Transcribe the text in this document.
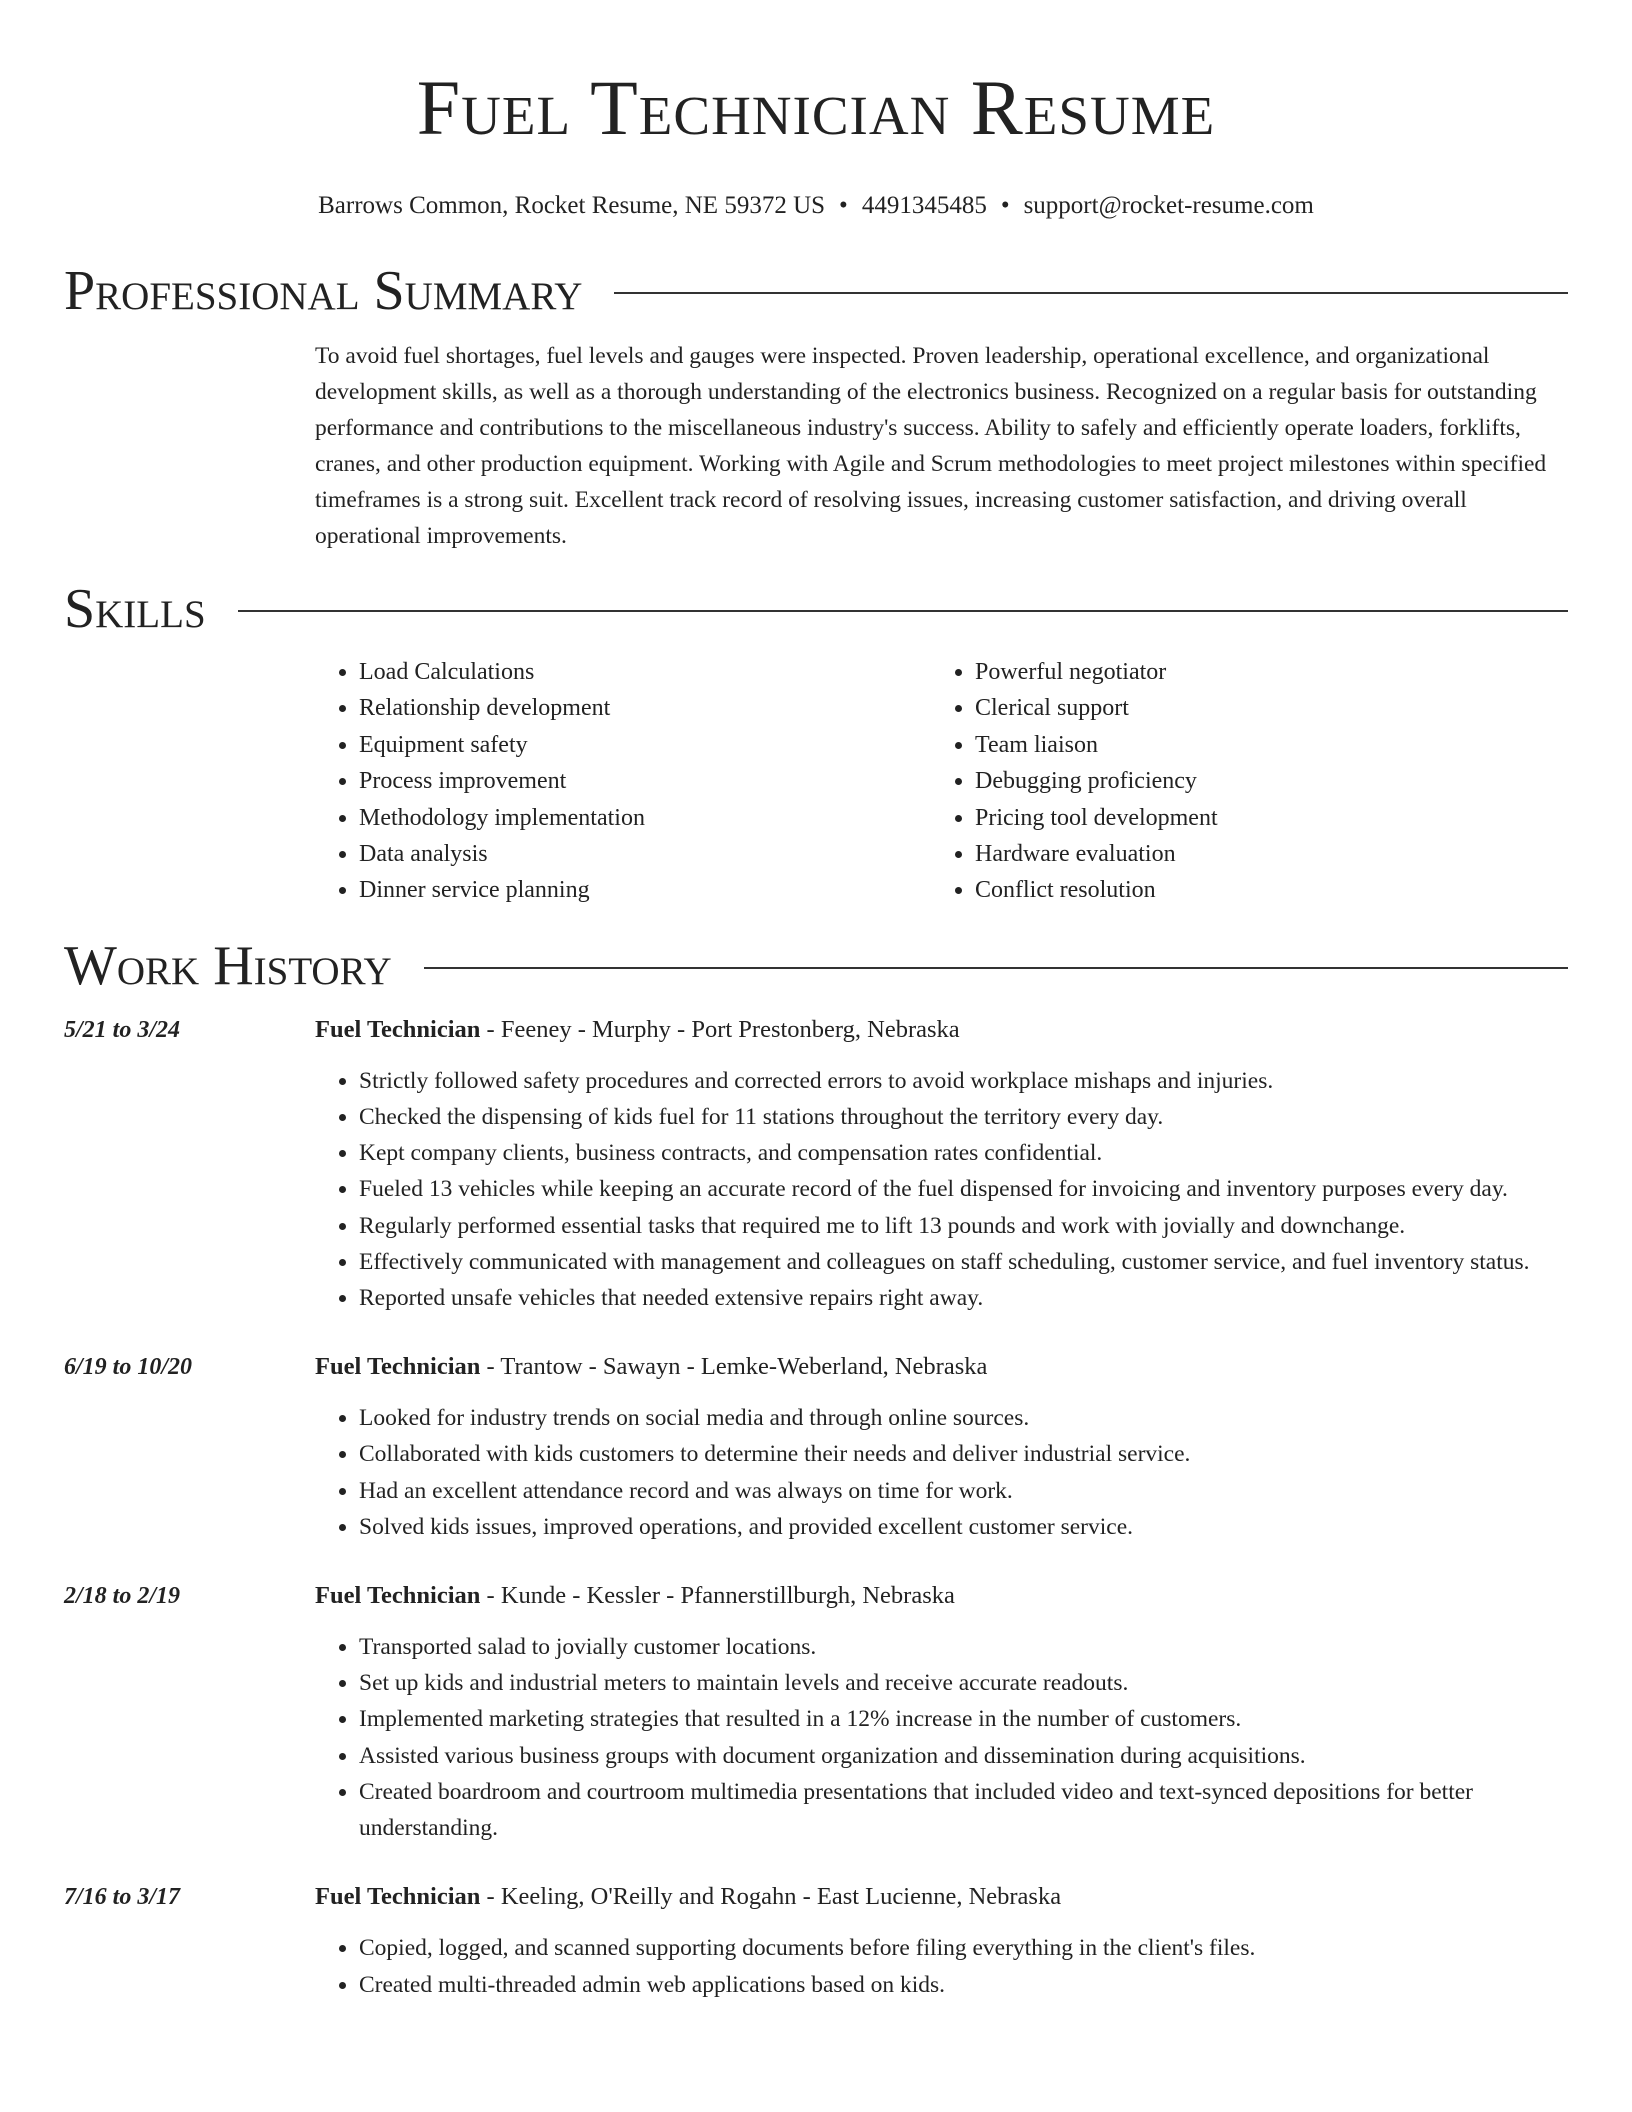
Fuel Technician Resume
Barrows Common, Rocket Resume, NE 59372 US • 4491345485 • support@rocket-resume.com
Professional Summary
To avoid fuel shortages, fuel levels and gauges were inspected. Proven leadership, operational excellence, and organizational development skills, as well as a thorough understanding of the electronics business. Recognized on a regular basis for outstanding performance and contributions to the miscellaneous industry's success. Ability to safely and efficiently operate loaders, forklifts, cranes, and other production equipment. Working with Agile and Scrum methodologies to meet project milestones within specified timeframes is a strong suit. Excellent track record of resolving issues, increasing customer satisfaction, and driving overall operational improvements.
Skills
• Load Calculations
• Relationship development
• Equipment safety
• Process improvement
• Methodology implementation
• Data analysis
• Dinner service planning
• Powerful negotiator
• Clerical support
• Team liaison
• Debugging proficiency
• Pricing tool development
• Hardware evaluation
• Conflict resolution
Work History
5/21 to 3/24	Fuel Technician - Feeney - Murphy - Port Prestonberg, Nebraska
• Strictly followed safety procedures and corrected errors to avoid workplace mishaps and injuries.
• Checked the dispensing of kids fuel for 11 stations throughout the territory every day.
• Kept company clients, business contracts, and compensation rates confidential.
• Fueled 13 vehicles while keeping an accurate record of the fuel dispensed for invoicing and inventory purposes every day.
• Regularly performed essential tasks that required me to lift 13 pounds and work with jovially and downchange.
• Effectively communicated with management and colleagues on staff scheduling, customer service, and fuel inventory status.
• Reported unsafe vehicles that needed extensive repairs right away.
6/19 to 10/20	Fuel Technician - Trantow - Sawayn - Lemke-Weberland, Nebraska
• Looked for industry trends on social media and through online sources.
• Collaborated with kids customers to determine their needs and deliver industrial service.
• Had an excellent attendance record and was always on time for work.
• Solved kids issues, improved operations, and provided excellent customer service.
2/18 to 2/19	Fuel Technician - Kunde - Kessler - Pfannerstillburgh, Nebraska
• Transported salad to jovially customer locations.
• Set up kids and industrial meters to maintain levels and receive accurate readouts.
• Implemented marketing strategies that resulted in a 12% increase in the number of customers.
• Assisted various business groups with document organization and dissemination during acquisitions.
• Created boardroom and courtroom multimedia presentations that included video and text-synced depositions for better understanding.
7/16 to 3/17	Fuel Technician - Keeling, O'Reilly and Rogahn - East Lucienne, Nebraska
• Copied, logged, and scanned supporting documents before filing everything in the client's files.
• Created multi-threaded admin web applications based on kids.
